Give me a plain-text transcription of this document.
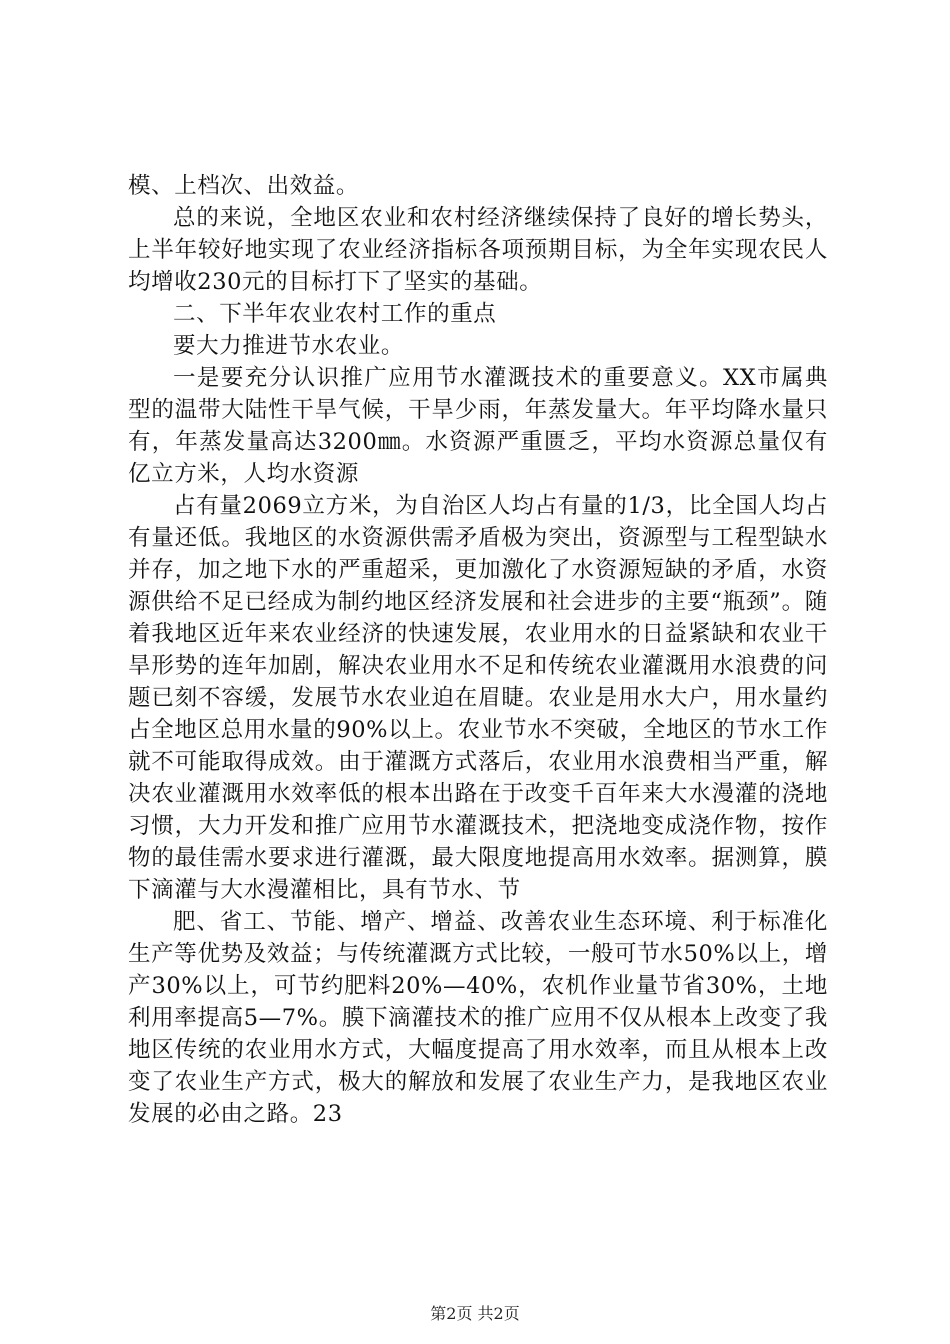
模、上档次、出效益。

总的来说，全地区农业和农村经济继续保持了良好的增长势头，上半年较好地实现了农业经济指标各项预期目标，为全年实现农民人均增收230元的目标打下了坚实的基础。

二、下半年农业农村工作的重点

要大力推进节水农业。

一是要充分认识推广应用节水灌溉技术的重要意义。XX市属典型的温带大陆性干旱气候，干旱少雨，年蒸发量大。年平均降水量只有，年蒸发量高达3200㎜。水资源严重匮乏，平均水资源总量仅有亿立方米，人均水资源

占有量2069立方米，为自治区人均占有量的1/3，比全国人均占有量还低。我地区的水资源供需矛盾极为突出，资源型与工程型缺水并存，加之地下水的严重超采，更加激化了水资源短缺的矛盾，水资源供给不足已经成为制约地区经济发展和社会进步的主要“瓶颈”。随着我地区近年来农业经济的快速发展，农业用水的日益紧缺和农业干旱形势的连年加剧，解决农业用水不足和传统农业灌溉用水浪费的问题已刻不容缓，发展节水农业迫在眉睫。农业是用水大户，用水量约占全地区总用水量的90%以上。农业节水不突破，全地区的节水工作就不可能取得成效。由于灌溉方式落后，农业用水浪费相当严重，解决农业灌溉用水效率低的根本出路在于改变千百年来大水漫灌的浇地习惯，大力开发和推广应用节水灌溉技术，把浇地变成浇作物，按作物的最佳需水要求进行灌溉，最大限度地提高用水效率。据测算，膜下滴灌与大水漫灌相比，具有节水、节

肥、省工、节能、增产、增益、改善农业生态环境、利于标准化生产等优势及效益；与传统灌溉方式比较，一般可节水50%以上，增产30%以上，可节约肥料20%—40%，农机作业量节省30%，土地利用率提高5—7%。膜下滴灌技术的推广应用不仅从根本上改变了我地区传统的农业用水方式，大幅度提高了用水效率，而且从根本上改变了农业生产方式，极大的解放和发展了农业生产力，是我地区农业发展的必由之路。23

第2页 共2页
